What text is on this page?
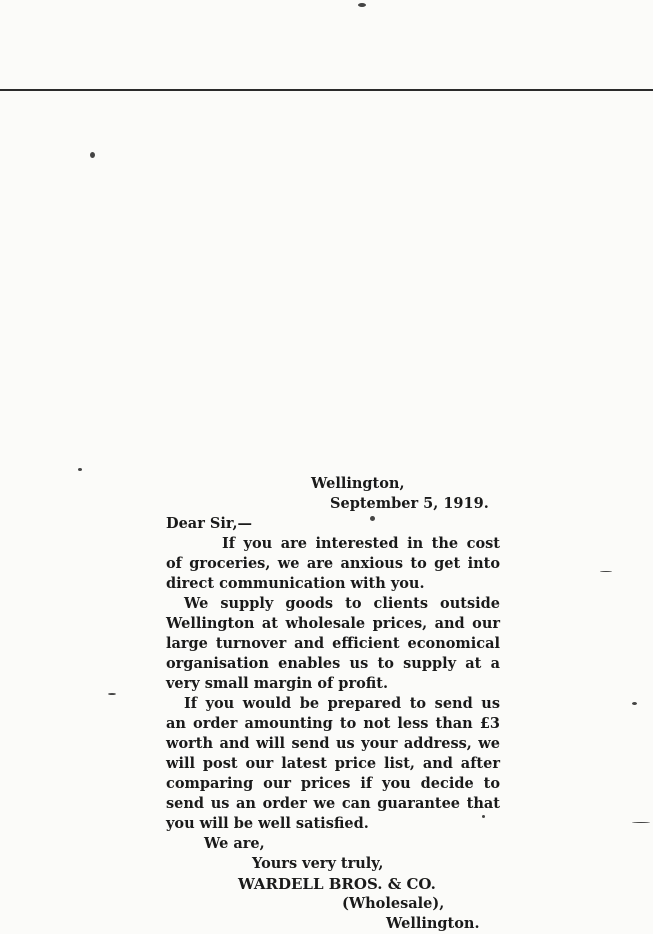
Wellington,
September 5, 1919.
Dear Sir,—

If you are interested in the cost of groceries, we are anxious to get into direct communication with you.

We supply goods to clients outside Wellington at wholesale prices, and our large turnover and efficient economical organisation enables us to supply at a very small margin of profit.

If you would be prepared to send us an order amounting to not less than £3 worth and will send us your address, we will post our latest price list, and after comparing our prices if you decide to send us an order we can guarantee that you will be well satisfied.

We are,
Yours very truly,
WARDELL BROS. & CO.
(Wholesale),
Wellington.
